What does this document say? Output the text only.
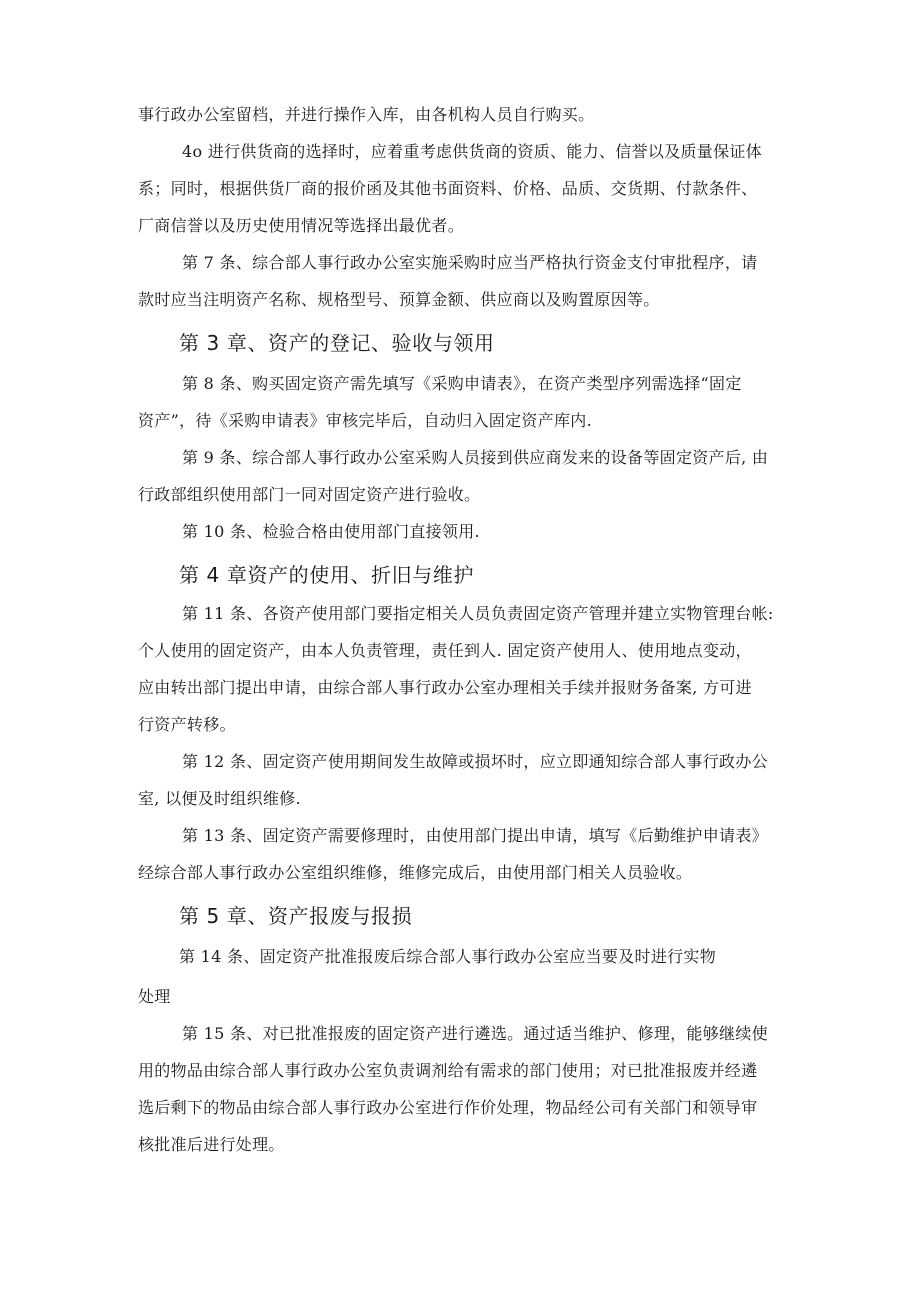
事行政办公室留档，并进行操作入库，由各机构人员自行购买。
4o 进行供货商的选择时，应着重考虑供货商的资质、能力、信誉以及质量保证体
系；同时，根据供货厂商的报价函及其他书面资料、价格、品质、交货期、付款条件、
厂商信誉以及历史使用情况等选择出最优者。
第 7 条、综合部人事行政办公室实施采购时应当严格执行资金支付审批程序，请
款时应当注明资产名称、规格型号、预算金额、供应商以及购置原因等。
第 3 章、资产的登记、验收与领用
第 8 条、购买固定资产需先填写《采购申请表》，在资产类型序列需选择“固定
资产”，待《采购申请表》审核完毕后，自动归入固定资产库内.
第 9 条、综合部人事行政办公室采购人员接到供应商发来的设备等固定资产后, 由
行政部组织使用部门一同对固定资产进行验收。
第 10 条、检验合格由使用部门直接领用.
第 4 章资产的使用、折旧与维护
第 11 条、各资产使用部门要指定相关人员负责固定资产管理并建立实物管理台帐:
个人使用的固定资产，由本人负责管理，责任到人. 固定资产使用人、使用地点变动，
应由转出部门提出申请，由综合部人事行政办公室办理相关手续并报财务备案, 方可进
行资产转移。
第 12 条、固定资产使用期间发生故障或损坏时，应立即通知综合部人事行政办公
室, 以便及时组织维修.
第 13 条、固定资产需要修理时，由使用部门提出申请，填写《后勤维护申请表》
经综合部人事行政办公室组织维修，维修完成后，由使用部门相关人员验收。
第 5 章、资产报废与报损
第 14 条、固定资产批准报废后综合部人事行政办公室应当要及时进行实物
处理
第 15 条、对已批准报废的固定资产进行遴选。通过适当维护、修理，能够继续使
用的物品由综合部人事行政办公室负责调剂给有需求的部门使用；对已批准报废并经遴
选后剩下的物品由综合部人事行政办公室进行作价处理，物品经公司有关部门和领导审
核批准后进行处理。
